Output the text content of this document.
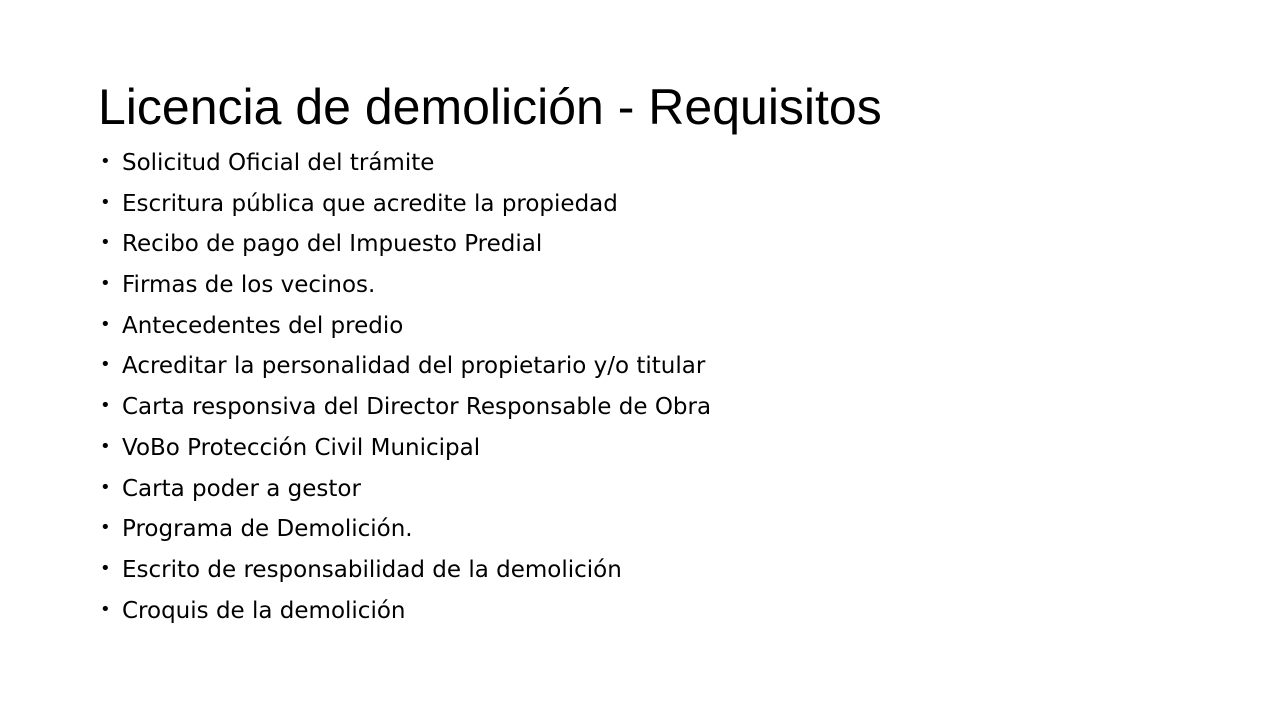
Licencia de demolición - Requisitos
• Solicitud Oficial del trámite
• Escritura pública que acredite la propiedad
• Recibo de pago del Impuesto Predial
• Firmas de los vecinos.
• Antecedentes del predio
• Acreditar la personalidad del propietario y/o titular
• Carta responsiva del Director Responsable de Obra
• VoBo Protección Civil Municipal
• Carta poder a gestor
• Programa de Demolición.
• Escrito de responsabilidad de la demolición
• Croquis de la demolición
